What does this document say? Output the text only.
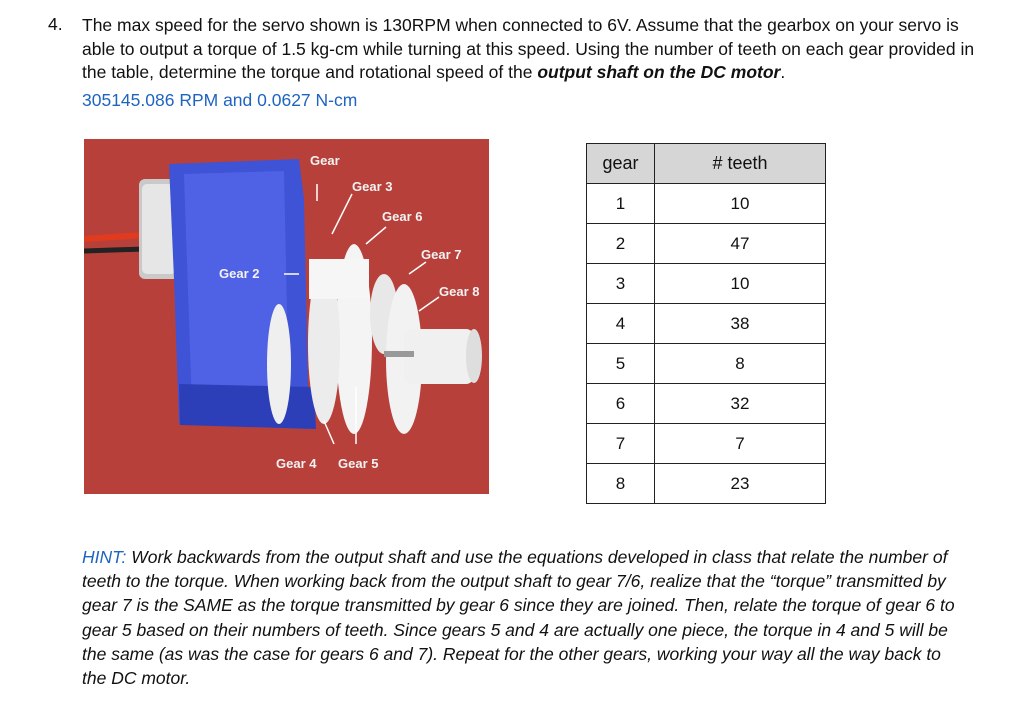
4. The max speed for the servo shown is 130RPM when connected to 6V. Assume that the gearbox on your servo is able to output a torque of 1.5 kg-cm while turning at this speed. Using the number of teeth on each gear provided in the table, determine the torque and rotational speed of the output shaft on the DC motor.
305145.086 RPM and 0.0627 N-cm
Gear
Gear 3
Gear 6
Gear 7
Gear 8
Gear 2
Gear 4 Gear 5
gear	# teeth
1	10
2	47
3	10
4	38
5	8
6	32
7	7
8	23
HINT: Work backwards from the output shaft and use the equations developed in class that relate the number of teeth to the torque. When working back from the output shaft to gear 7/6, realize that the “torque” transmitted by gear 7 is the SAME as the torque transmitted by gear 6 since they are joined. Then, relate the torque of gear 6 to gear 5 based on their numbers of teeth. Since gears 5 and 4 are actually one piece, the torque in 4 and 5 will be the same (as was the case for gears 6 and 7). Repeat for the other gears, working your way all the way back to the DC motor.
